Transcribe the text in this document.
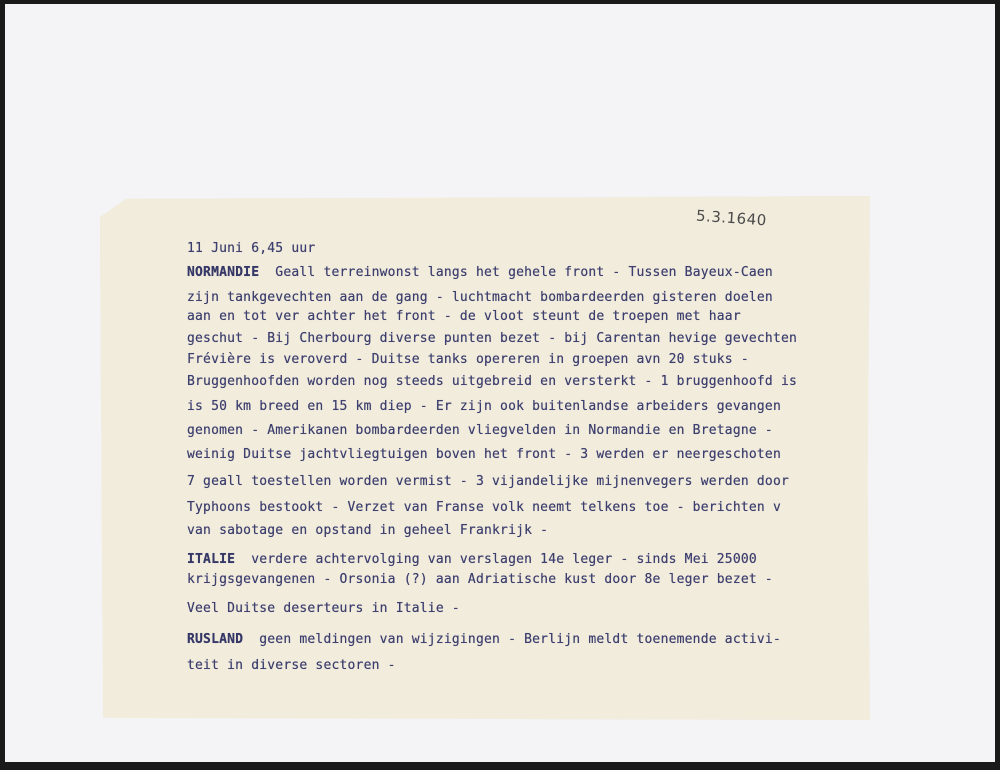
5.3.1640
11 Juni 6,45 uur
NORMANDIE  Geall terreinwonst langs het gehele front - Tussen Bayeux-Caen
zijn tankgevechten aan de gang - luchtmacht bombardeerden gisteren doelen
aan en tot ver achter het front - de vloot steunt de troepen met haar
geschut - Bij Cherbourg diverse punten bezet - bij Carentan hevige gevechten
Frévière is veroverd - Duitse tanks opereren in groepen avn 20 stuks -
Bruggenhoofden worden nog steeds uitgebreid en versterkt - 1 bruggenhoofd is
is 50 km breed en 15 km diep - Er zijn ook buitenlandse arbeiders gevangen
genomen - Amerikanen bombardeerden vliegvelden in Normandie en Bretagne -
weinig Duitse jachtvliegtuigen boven het front - 3 werden er neergeschoten
7 geall toestellen worden vermist - 3 vijandelijke mijnenvegers werden door
Typhoons bestookt - Verzet van Franse volk neemt telkens toe - berichten v
van sabotage en opstand in geheel Frankrijk -
ITALIE  verdere achtervolging van verslagen 14e leger - sinds Mei 25000
krijgsgevangenen - Orsonia (?) aan Adriatische kust door 8e leger bezet -
Veel Duitse deserteurs in Italie -
RUSLAND  geen meldingen van wijzigingen - Berlijn meldt toenemende activi-
teit in diverse sectoren -
